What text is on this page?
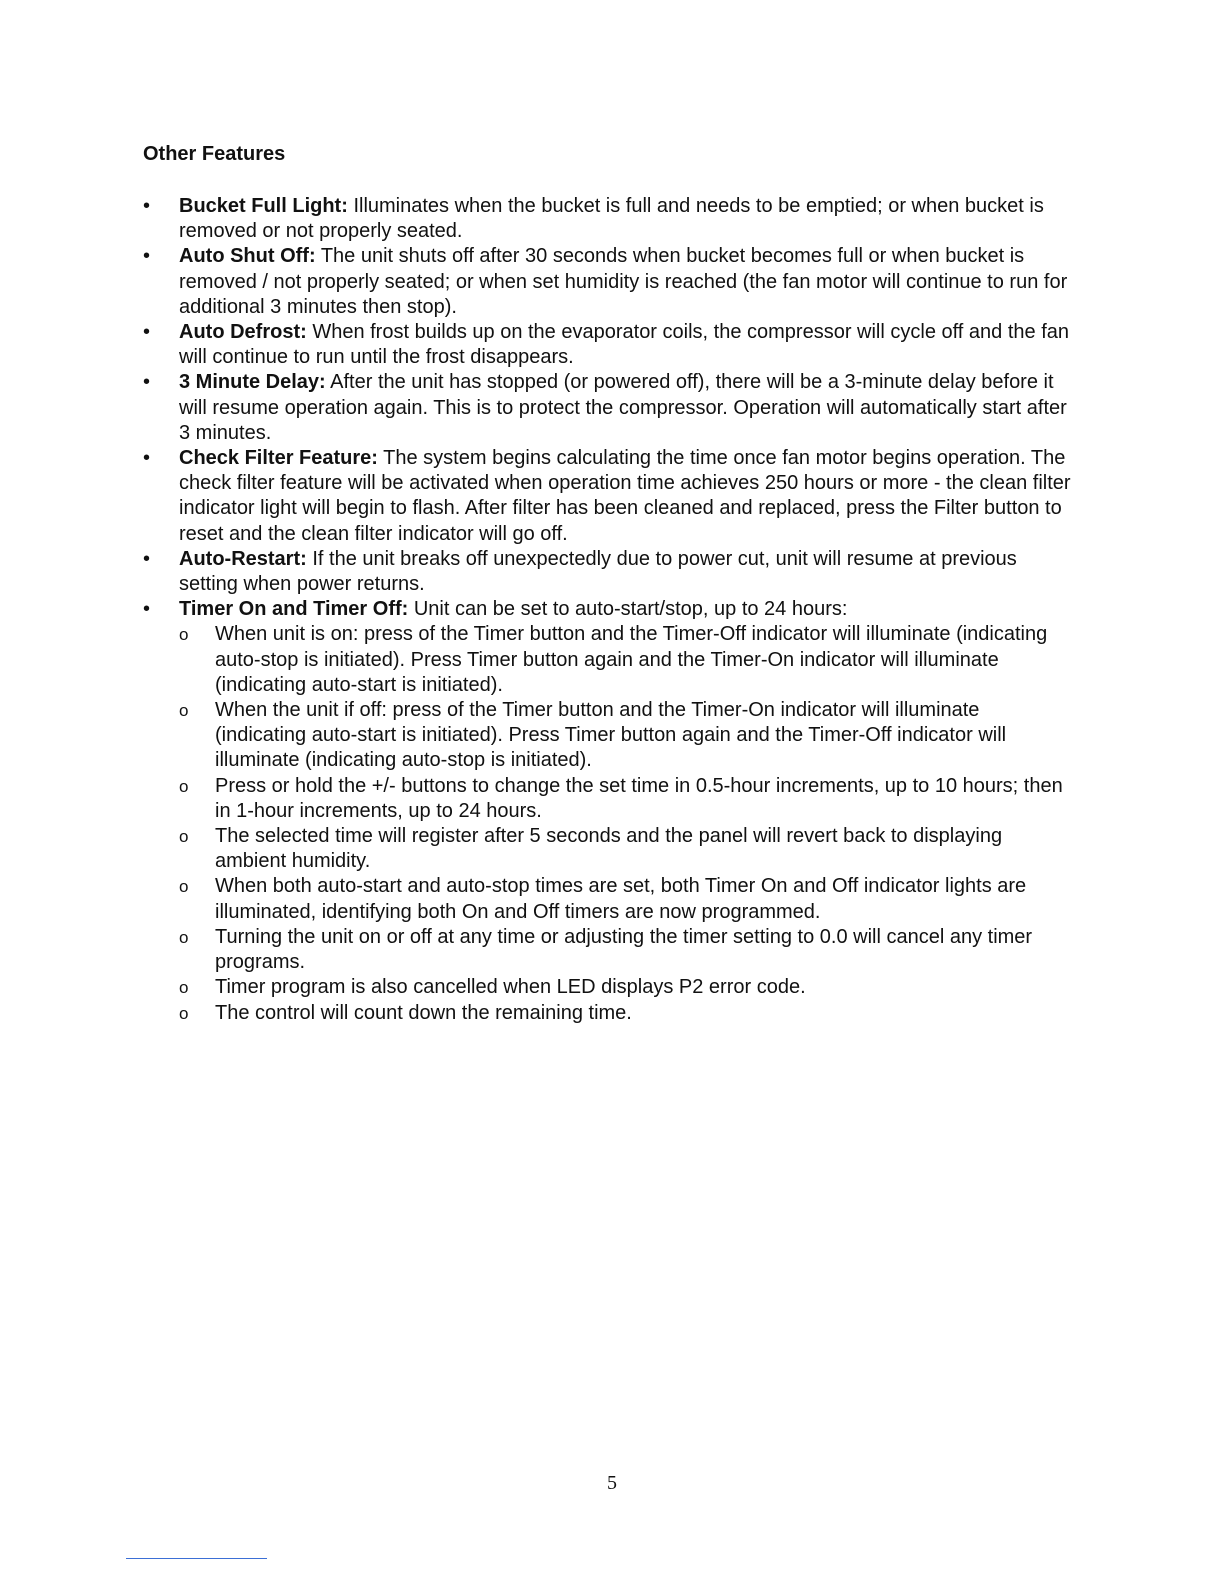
Other Features
•	Bucket Full Light: Illuminates when the bucket is full and needs to be emptied; or when bucket is removed or not properly seated.
•	Auto Shut Off: The unit shuts off after 30 seconds when bucket becomes full or when bucket is removed / not properly seated; or when set humidity is reached (the fan motor will continue to run for additional 3 minutes then stop).
•	Auto Defrost: When frost builds up on the evaporator coils, the compressor will cycle off and the fan will continue to run until the frost disappears.
•	3 Minute Delay: After the unit has stopped (or powered off), there will be a 3-minute delay before it will resume operation again. This is to protect the compressor. Operation will automatically start after 3 minutes.
•	Check Filter Feature: The system begins calculating the time once fan motor begins operation. The check filter feature will be activated when operation time achieves 250 hours or more - the clean filter indicator light will begin to flash. After filter has been cleaned and replaced, press the Filter button to reset and the clean filter indicator will go off.
•	Auto-Restart: If the unit breaks off unexpectedly due to power cut, unit will resume at previous setting when power returns.
•	Timer On and Timer Off: Unit can be set to auto-start/stop, up to 24 hours:
o When unit is on: press of the Timer button and the Timer-Off indicator will illuminate (indicating auto-stop is initiated). Press Timer button again and the Timer-On indicator will illuminate (indicating auto-start is initiated).
o When the unit if off: press of the Timer button and the Timer-On indicator will illuminate (indicating auto-start is initiated). Press Timer button again and the Timer-Off indicator will illuminate (indicating auto-stop is initiated).
o Press or hold the +/- buttons to change the set time in 0.5-hour increments, up to 10 hours; then in 1-hour increments, up to 24 hours.
o The selected time will register after 5 seconds and the panel will revert back to displaying ambient humidity.
o When both auto-start and auto-stop times are set, both Timer On and Off indicator lights are illuminated, identifying both On and Off timers are now programmed.
o Turning the unit on or off at any time or adjusting the timer setting to 0.0 will cancel any timer programs.
o Timer program is also cancelled when LED displays P2 error code.
o The control will count down the remaining time.
5
